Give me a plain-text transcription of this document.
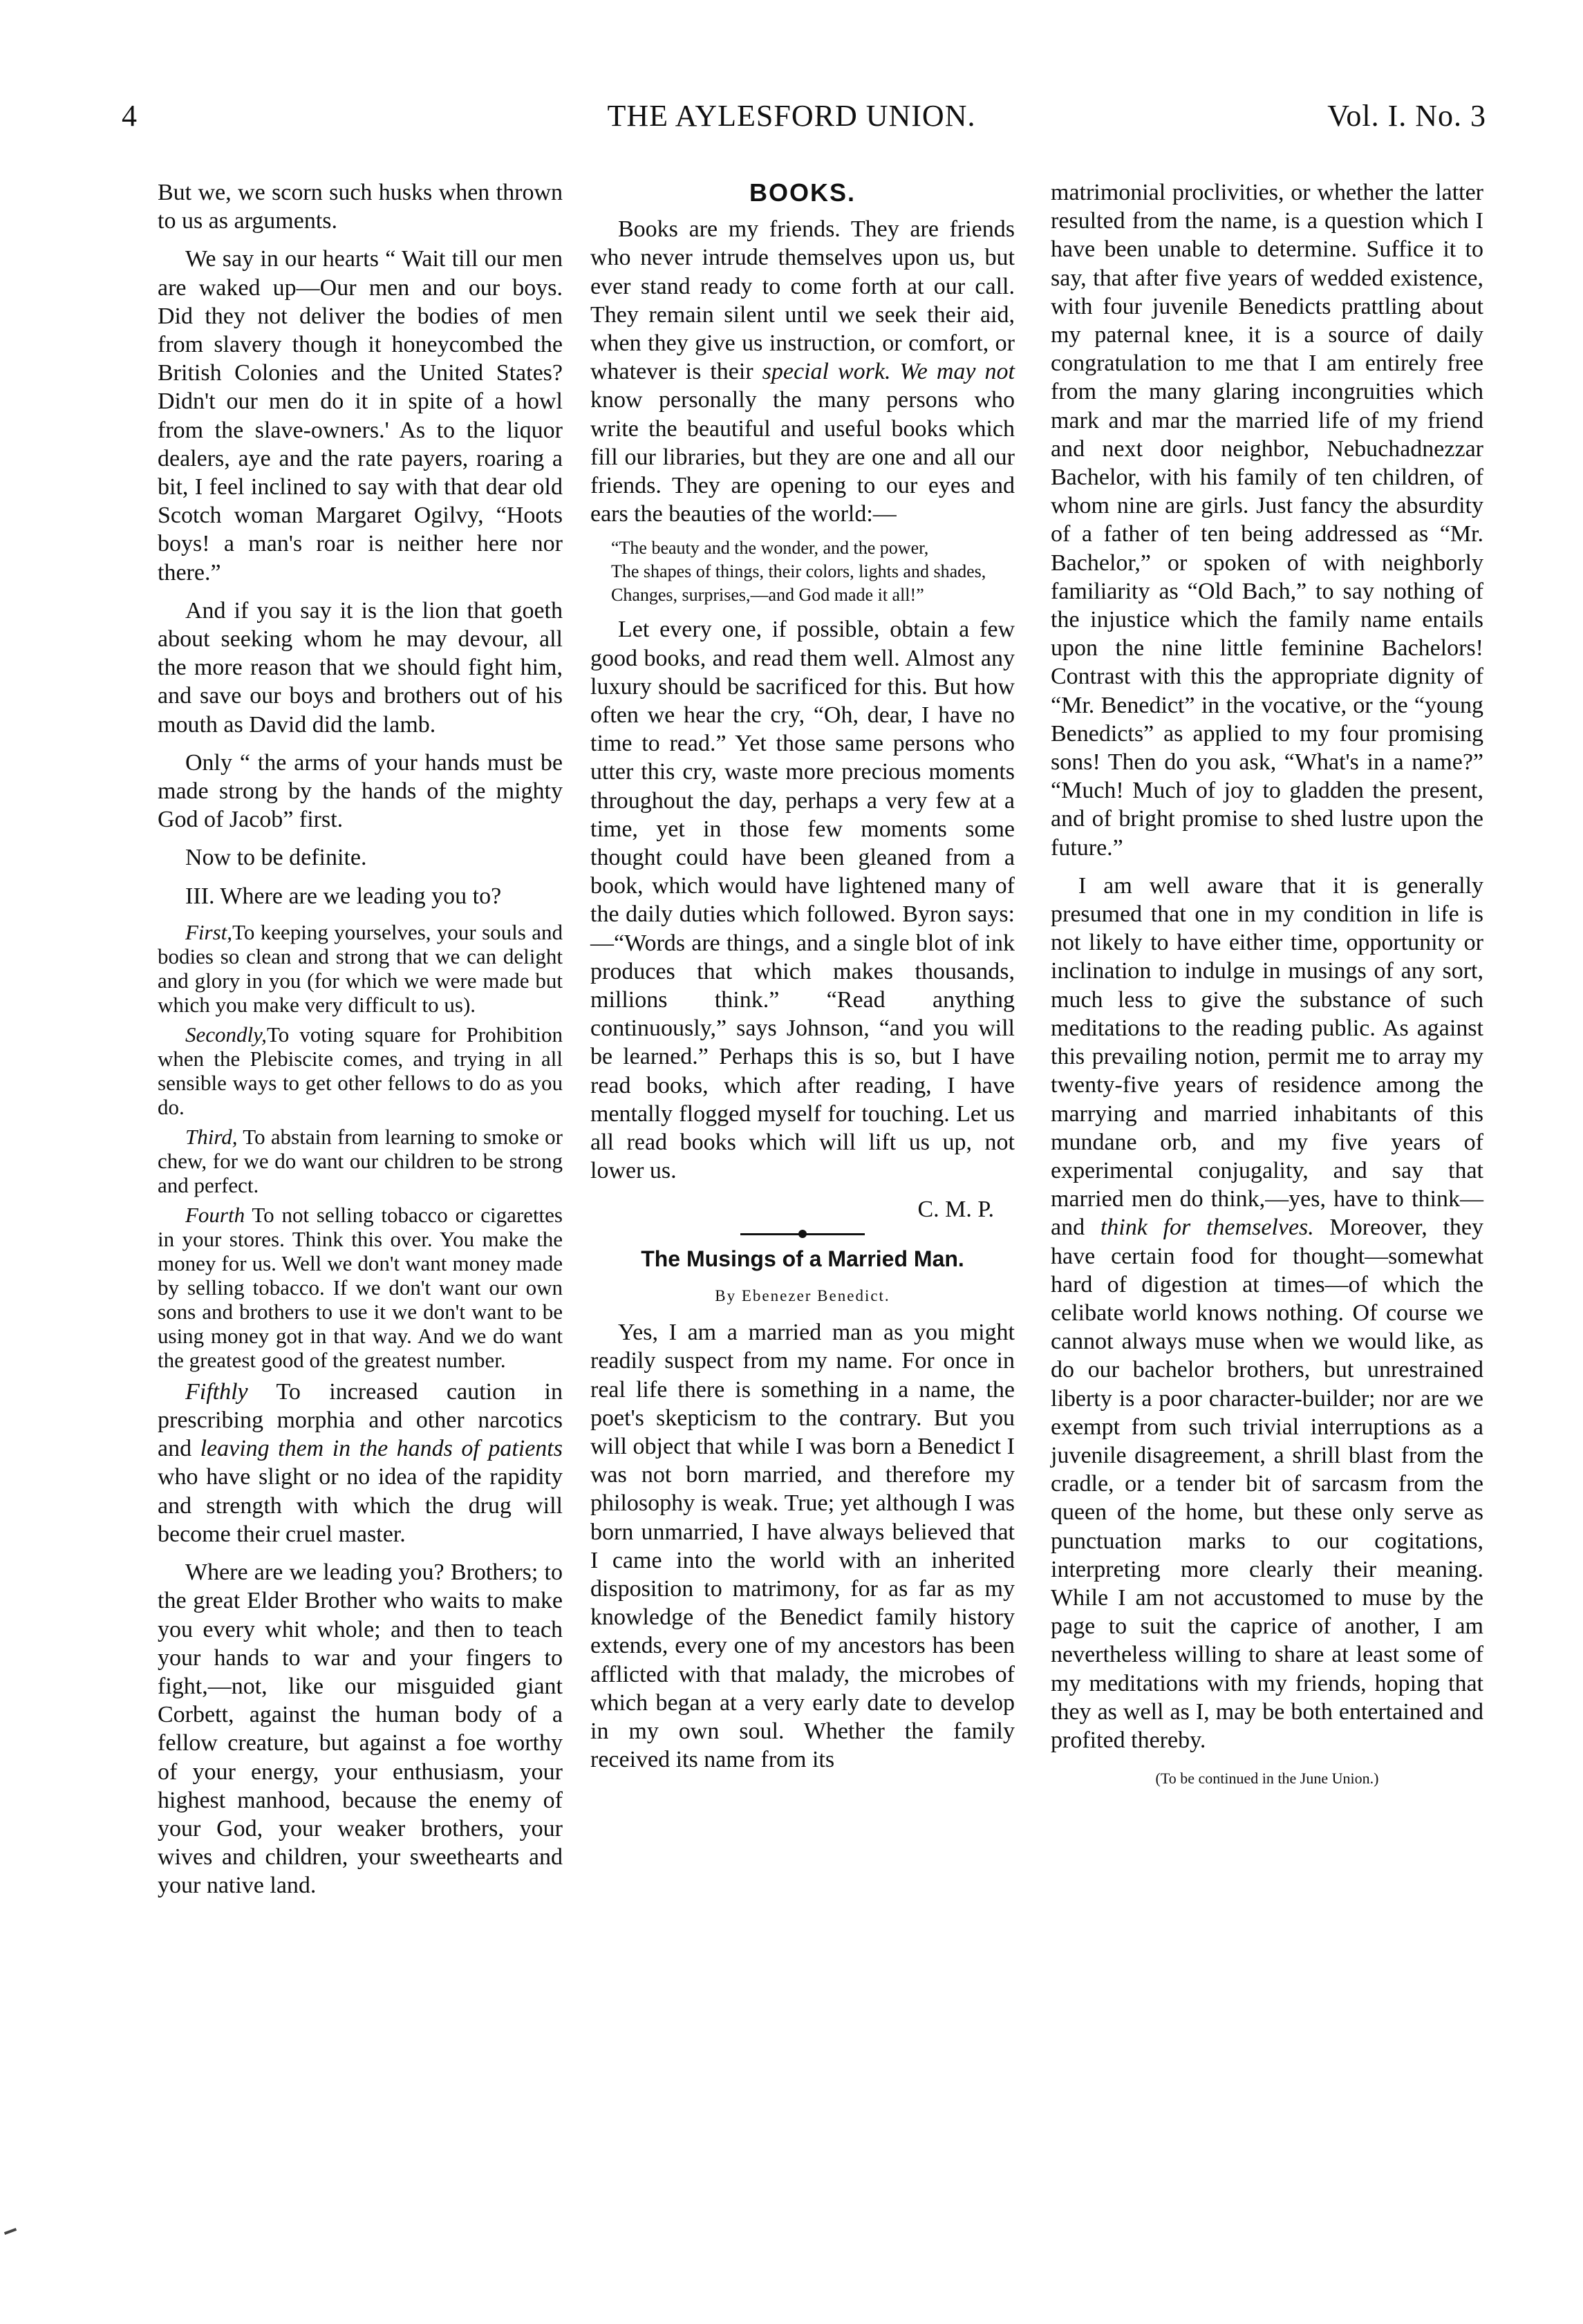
THE AYLESFORD UNION.
4	Vol. I. No. 3

But we, we scorn such husks when thrown to us as arguments.

We say in our hearts “ Wait till our men are waked up—Our men and our boys. Did they not deliver the bodies of men from slavery though it honeycombed the British Colonies and the United States? Didn't our men do it in spite of a howl from the slave-owners.' As to the liquor dealers, aye and the rate payers, roaring a bit, I feel inclined to say with that dear old Scotch woman Margaret Ogilvy, “Hoots boys! a man's roar is neither here nor there.”

And if you say it is the lion that goeth about seeking whom he may devour, all the more reason that we should fight him, and save our boys and brothers out of his mouth as David did the lamb.

Only “ the arms of your hands must be made strong by the hands of the mighty God of Jacob” first.

Now to be definite.

III. Where are we leading you to?

First,To keeping yourselves, your souls and bodies so clean and strong that we can delight and glory in you (for which we were made but which you make very difficult to us).

Secondly,To voting square for Prohibition when the Plebiscite comes, and trying in all sensible ways to get other fellows to do as you do.

Third, To abstain from learning to smoke or chew, for we do want our children to be strong and perfect.

Fourth To not selling tobacco or cigarettes in your stores. Think this over. You make the money for us. Well we don't want money made by selling tobacco. If we don't want our own sons and brothers to use it we don't want to be using money got in that way. And we do want the greatest good of the greatest number.

Fifthly To increased caution in prescribing morphia and other narcotics and leaving them in the hands of patients who have slight or no idea of the rapidity and strength with which the drug will become their cruel master.

Where are we leading you? Brothers; to the great Elder Brother who waits to make you every whit whole; and then to teach your hands to war and your fingers to fight,—not, like our misguided giant Corbett, against the human body of a fellow creature, but against a foe worthy of your energy, your enthusiasm, your highest manhood, because the enemy of your God, your weaker brothers, your wives and children, your sweethearts and your native land.

BOOKS.

Books are my friends. They are friends who never intrude themselves upon us, but ever stand ready to come forth at our call. They remain silent until we seek their aid, when they give us instruction, or comfort, or whatever is their special work. We may not know personally the many persons who write the beautiful and useful books which fill our libraries, but they are one and all our friends. They are opening to our eyes and ears the beauties of the world:—

“The beauty and the wonder, and the power,
The shapes of things, their colors, lights and shades,
Changes, surprises,—and God made it all!”

Let every one, if possible, obtain a few good books, and read them well. Almost any luxury should be sacrificed for this. But how often we hear the cry, “Oh, dear, I have no time to read.” Yet those same persons who utter this cry, waste more precious moments throughout the day, perhaps a very few at a time, yet in those few moments some thought could have been gleaned from a book, which would have lightened many of the daily duties which followed. Byron says:—“Words are things, and a single blot of ink produces that which makes thousands, millions think.” “Read anything continuously,” says Johnson, “and you will be learned.” Perhaps this is so, but I have read books, which after reading, I have mentally flogged myself for touching. Let us all read books which will lift us up, not lower us.

C. M. P.

The Musings of a Married Man.
By Ebenezer Benedict.

Yes, I am a married man as you might readily suspect from my name. For once in real life there is something in a name, the poet's skepticism to the contrary. But you will object that while I was born a Benedict I was not born married, and therefore my philosophy is weak. True; yet although I was born unmarried, I have always believed that I came into the world with an inherited disposition to matrimony, for as far as my knowledge of the Benedict family history extends, every one of my ancestors has been afflicted with that malady, the microbes of which began at a very early date to develop in my own soul. Whether the family received its name from its

matrimonial proclivities, or whether the latter resulted from the name, is a question which I have been unable to determine. Suffice it to say, that after five years of wedded existence, with four juvenile Benedicts prattling about my paternal knee, it is a source of daily congratulation to me that I am entirely free from the many glaring incongruities which mark and mar the married life of my friend and next door neighbor, Nebuchadnezzar Bachelor, with his family of ten children, of whom nine are girls. Just fancy the absurdity of a father of ten being addressed as “Mr. Bachelor,” or spoken of with neighborly familiarity as “Old Bach,” to say nothing of the injustice which the family name entails upon the nine little feminine Bachelors! Contrast with this the appropriate dignity of “Mr. Benedict” in the vocative, or the “young Benedicts” as applied to my four promising sons! Then do you ask, “What's in a name?” “Much! Much of joy to gladden the present, and of bright promise to shed lustre upon the future.”

I am well aware that it is generally presumed that one in my condition in life is not likely to have either time, opportunity or inclination to indulge in musings of any sort, much less to give the substance of such meditations to the reading public. As against this prevailing notion, permit me to array my twenty-five years of residence among the marrying and married inhabitants of this mundane orb, and my five years of experimental conjugality, and say that married men do think,—yes, have to think—and think for themselves. Moreover, they have certain food for thought—somewhat hard of digestion at times—of which the celibate world knows nothing. Of course we cannot always muse when we would like, as do our bachelor brothers, but unrestrained liberty is a poor character-builder; nor are we exempt from such trivial interruptions as a juvenile disagreement, a shrill blast from the cradle, or a tender bit of sarcasm from the queen of the home, but these only serve as punctuation marks to our cogitations, interpreting more clearly their meaning. While I am not accustomed to muse by the page to suit the caprice of another, I am nevertheless willing to share at least some of my meditations with my friends, hoping that they as well as I, may be both entertained and profited thereby.

(To be continued in the June Union.)
